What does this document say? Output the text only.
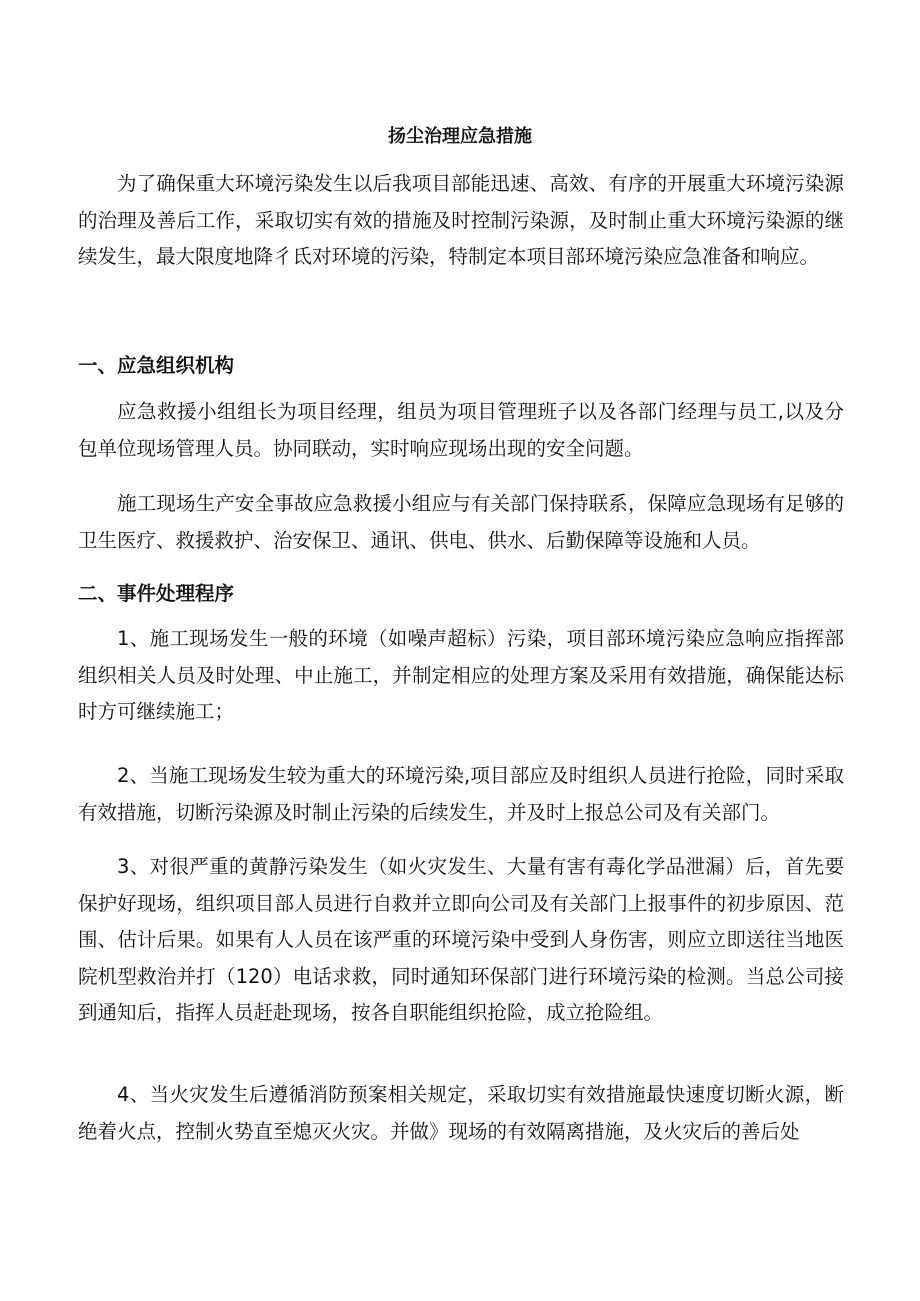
扬尘治理应急措施

为了确保重大环境污染发生以后我项目部能迅速、高效、有序的开展重大环境污染源的治理及善后工作，采取切实有效的措施及时控制污染源，及时制止重大环境污染源的继续发生，最大限度地降彳氐对环境的污染，特制定本项目部环境污染应急准备和响应。

一、应急组织机构

应急救援小组组长为项目经理，组员为项目管理班子以及各部门经理与员工,以及分包单位现场管理人员。协同联动，实时响应现场出现的安全问题。

施工现场生产安全事故应急救援小组应与有关部门保持联系，保障应急现场有足够的卫生医疗、救援救护、治安保卫、通讯、供电、供水、后勤保障等设施和人员。

二、事件处理程序

1、施工现场发生一般的环境（如噪声超标）污染，项目部环境污染应急响应指挥部组织相关人员及时处理、中止施工，并制定相应的处理方案及采用有效措施，确保能达标时方可继续施工；

2、当施工现场发生较为重大的环境污染,项目部应及时组织人员进行抢险，同时采取有效措施，切断污染源及时制止污染的后续发生，并及时上报总公司及有关部门。

3、对很严重的黄静污染发生（如火灾发生、大量有害有毒化学品泄漏）后，首先要保护好现场，组织项目部人员进行自救并立即向公司及有关部门上报事件的初步原因、范围、估计后果。如果有人人员在该严重的环境污染中受到人身伤害，则应立即送往当地医院机型救治并打（120）电话求救，同时通知环保部门进行环境污染的检测。当总公司接到通知后，指挥人员赶赴现场，按各自职能组织抢险，成立抢险组。

4、当火灾发生后遵循消防预案相关规定，采取切实有效措施最快速度切断火源，断绝着火点，控制火势直至熄灭火灾。并做》现场的有效隔离措施，及火灾后的善后处
